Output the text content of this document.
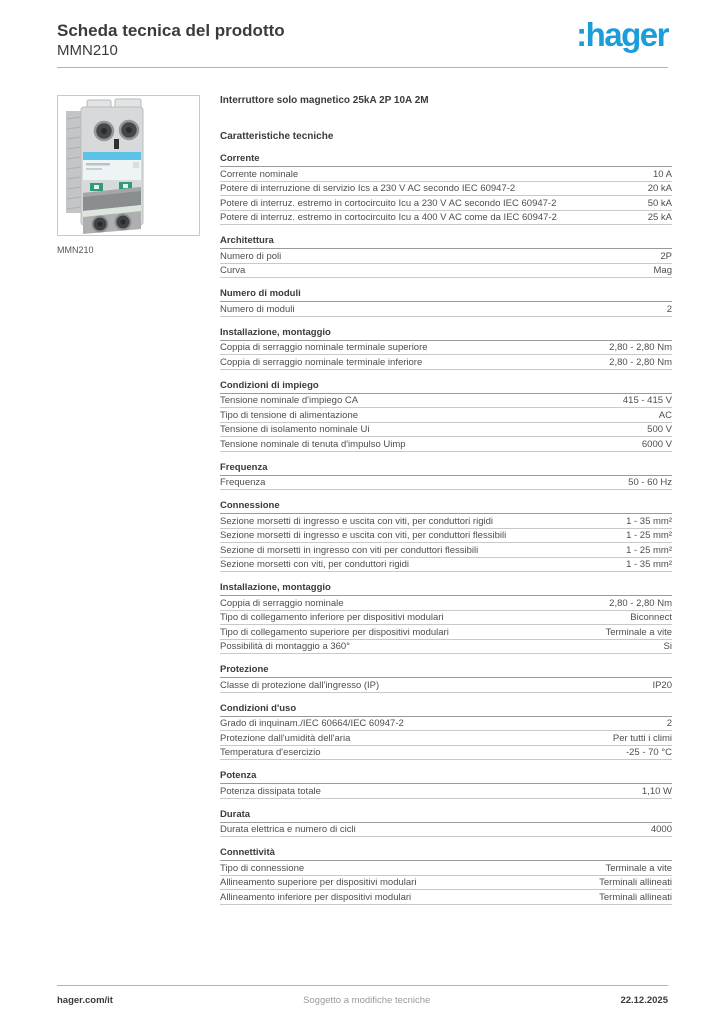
Scheda tecnica del prodotto
MMN210	:hager
MMN210
Interruttore solo magnetico 25kA 2P 10A 2M
Caratteristiche tecniche
Corrente
Corrente nominale	10 A
Potere di interruzione di servizio Ics a 230 V AC secondo IEC 60947-2	20 kA
Potere di interruz. estremo in cortocircuito Icu a 230 V AC secondo IEC 60947-2	50 kA
Potere di interruz. estremo in cortocircuito Icu a 400 V AC come da IEC 60947-2	25 kA
Architettura
Numero di poli	2P
Curva	Mag
Numero di moduli
Numero di moduli	2
Installazione, montaggio
Coppia di serraggio nominale terminale superiore	2,80 - 2,80 Nm
Coppia di serraggio nominale terminale inferiore	2,80 - 2,80 Nm
Condizioni di impiego
Tensione nominale d'impiego CA	415 - 415 V
Tipo di tensione di alimentazione	AC
Tensione di isolamento nominale Ui	500 V
Tensione nominale di tenuta d'impulso Uimp	6000 V
Frequenza
Frequenza	50 - 60 Hz
Connessione
Sezione morsetti di ingresso e uscita con viti, per conduttori rigidi	1 - 35 mm²
Sezione morsetti di ingresso e uscita con viti, per conduttori flessibili	1 - 25 mm²
Sezione di morsetti in ingresso con viti per conduttori flessibili	1 - 25 mm²
Sezione morsetti con viti, per conduttori rigidi	1 - 35 mm²
Installazione, montaggio
Coppia di serraggio nominale	2,80 - 2,80 Nm
Tipo di collegamento inferiore per dispositivi modulari	Biconnect
Tipo di collegamento superiore per dispositivi modulari	Terminale a vite
Possibilità di montaggio a 360°	Si
Protezione
Classe di protezione dall'ingresso (IP)	IP20
Condizioni d'uso
Grado di inquinam./IEC 60664/IEC 60947-2	2
Protezione dall'umidità dell'aria	Per tutti i climi
Temperatura d'esercizio	-25 - 70 °C
Potenza
Potenza dissipata totale	1,10 W
Durata
Durata elettrica e numero di cicli	4000
Connettività
Tipo di connessione	Terminale a vite
Allineamento superiore per dispositivi modulari	Terminali allineati
Allineamento inferiore per dispositivi modulari	Terminali allineati
hager.com/it	Soggetto a modifiche tecniche	22.12.2025
